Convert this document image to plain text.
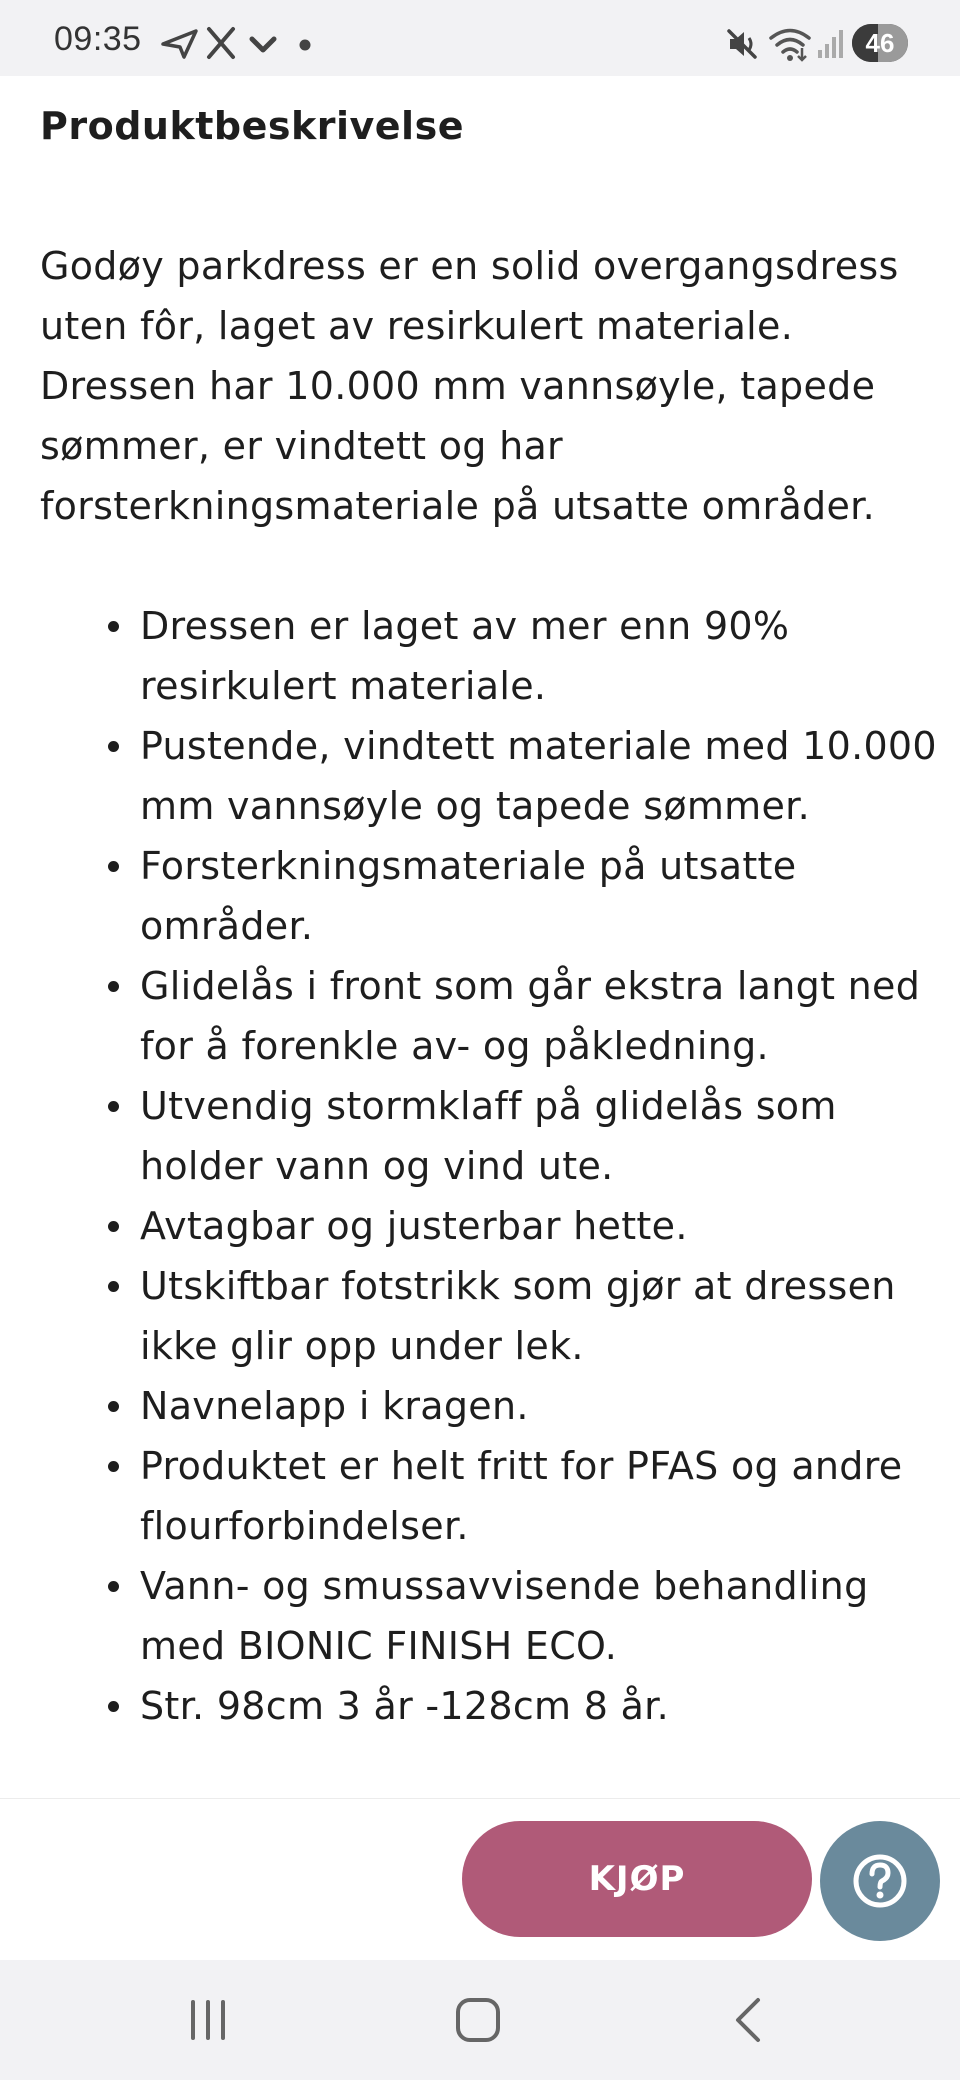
09:35	46
Produktbeskrivelse

Godøy parkdress er en solid overgangsdress uten fôr, laget av resirkulert materiale. Dressen har 10.000 mm vannsøyle, tapede sømmer, er vindtett og har forsterkningsmateriale på utsatte områder.

Dressen er laget av mer enn 90% resirkulert materiale.
Pustende, vindtett materiale med 10.000 mm vannsøyle og tapede sømmer.
Forsterkningsmateriale på utsatte områder.
Glidelås i front som går ekstra langt ned for å forenkle av- og påkledning.
Utvendig stormklaff på glidelås som holder vann og vind ute.
Avtagbar og justerbar hette.
Utskiftbar fotstrikk som gjør at dressen ikke glir opp under lek.
Navnelapp i kragen.
Produktet er helt fritt for PFAS og andre flourforbindelser.
Vann- og smussavvisende behandling med BIONIC FINISH ECO.
Str. 98cm 3 år -128cm 8 år.
KJØP
